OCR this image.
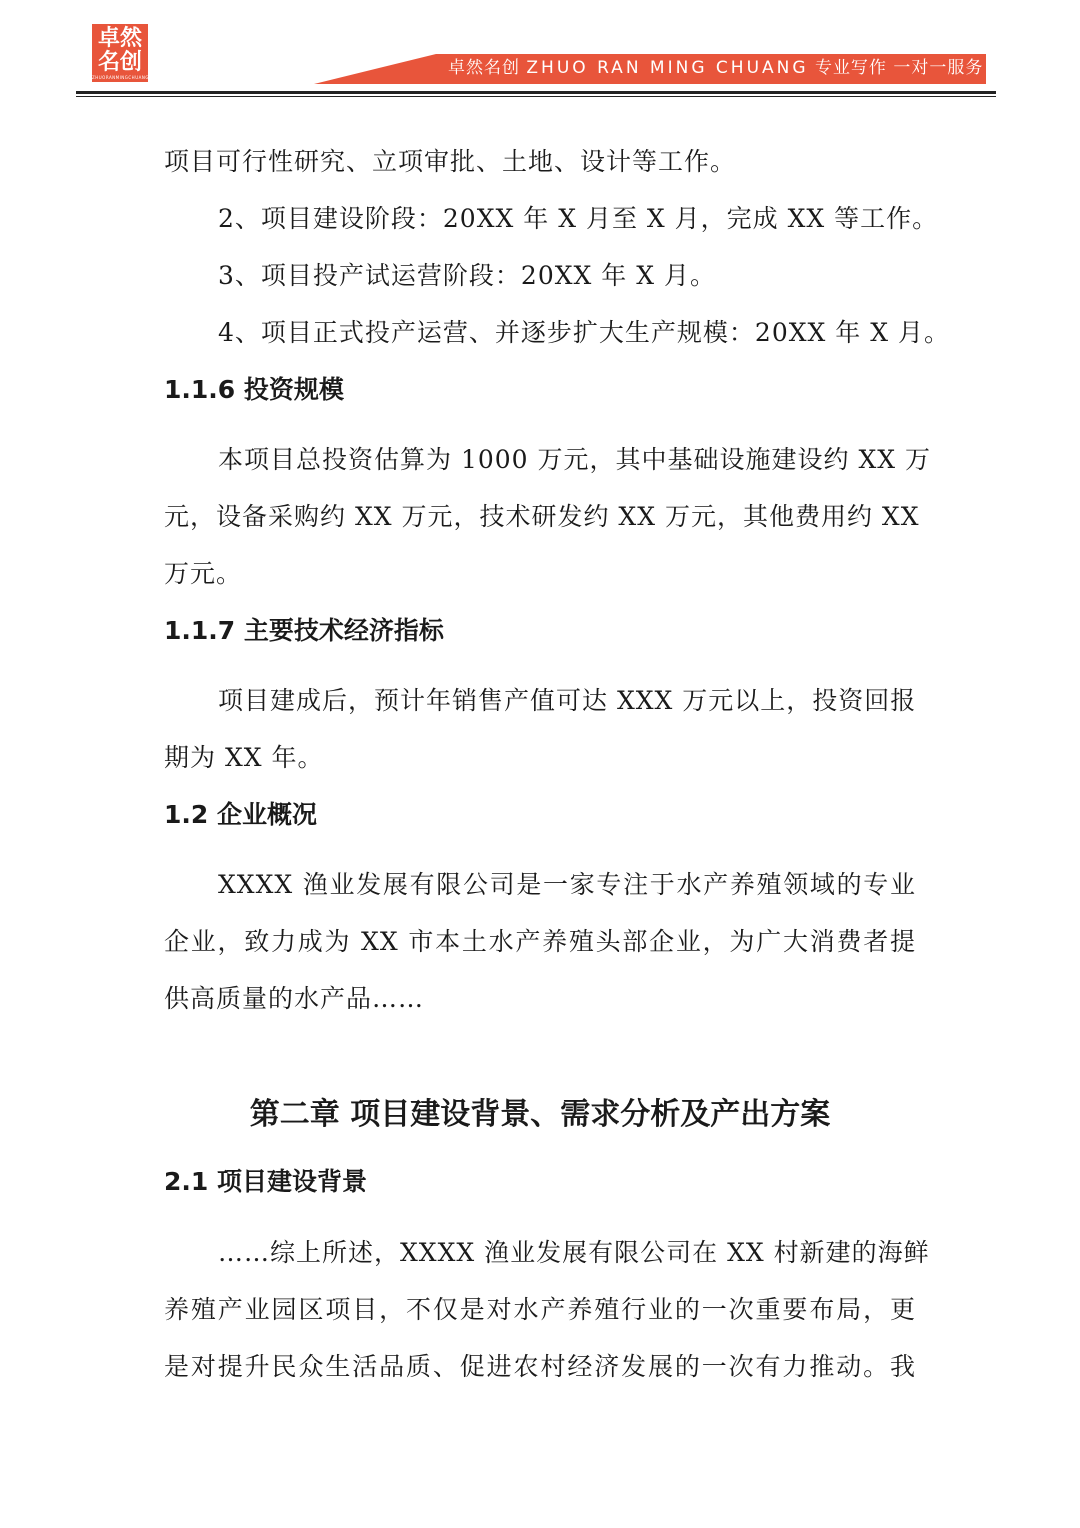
卓然
名创
ZHUORANMINGCHUANG	卓然名创 ZHUO RAN MING CHUANG 专业写作 一对一服务
项目可行性研究、立项审批、土地、设计等工作。
2、项目建设阶段：20XX 年 X 月至 X 月，完成 XX 等工作。
3、项目投产试运营阶段：20XX 年 X 月。
4、项目正式投产运营、并逐步扩大生产规模：20XX 年 X 月。
1.1.6 投资规模
本项目总投资估算为 1000 万元，其中基础设施建设约 XX 万
元，设备采购约 XX 万元，技术研发约 XX 万元，其他费用约 XX
万元。
1.1.7 主要技术经济指标
项目建成后，预计年销售产值可达 XXX 万元以上，投资回报
期为 XX 年。
1.2 企业概况
XXXX 渔业发展有限公司是一家专注于水产养殖领域的专业
企业，致力成为 XX 市本土水产养殖头部企业，为广大消费者提
供高质量的水产品……
第二章 项目建设背景、需求分析及产出方案
2.1 项目建设背景
……综上所述，XXXX 渔业发展有限公司在 XX 村新建的海鲜
养殖产业园区项目，不仅是对水产养殖行业的一次重要布局，更
是对提升民众生活品质、促进农村经济发展的一次有力推动。我
